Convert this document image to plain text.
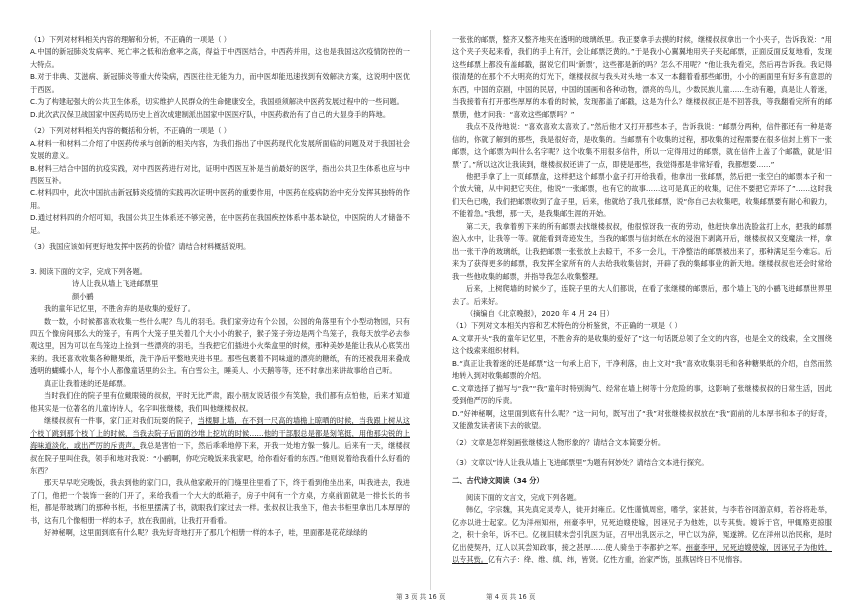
（1）下列对材料相关内容的理解和分析，不正确的一项是（ ）

A.中国的新冠肺炎发病率、死亡率之低和治愈率之高，得益于中西医结合，中西药并用，这也是我国这次疫情防控的一大特点。

B.对于非典、艾滋病、新冠肺炎等重大传染病，西医往往无能为力，而中医却能迅速找到有效解决方案，这说明中医优于西医。

C.为了构建起强大的公共卫生体系，切实维护人民群众的生命健康安全，我国亟须解决中医药发展过程中的一些问题。

D.此次武汉保卫战国家中医药局历史上首次成建制派出国家中医医疗队，中医药救治有了自己的大显身手的阵地。

（2）下列对材料相关内容的概括和分析，不正确的一项是（ ）

A.材料一和材料二介绍了中医药传承与创新的相关内容，为我们指出了中医药现代化发展所面临的问题及对于我国社会发展的意义。

B.材料三结合中国的抗疫实践，对中西医药进行对比，证明中西医互补是当前最好的医学，指出公共卫生体系也应与中西医互补。

C.材料四中，此次中国抗击新冠肺炎疫情的实践再次证明中医药的重要作用，中医药在疫病防治中充分发挥其独特的作用。

D.通过材料四的介绍可知，我国公共卫生体系还不够完善，在中医药在我国疾控体系中基本缺位，中医院的人才储备不足。

（3）我国应该如何更好地发挥中医药的价值？请结合材料概括说明。

3. 阅读下面的文字，完成下列各题。

诗人让我从墙上飞进邮票里

颜小鹂

我的童年记忆里，不胜舍弃的是收集的爱好了。

数一数，小时候都喜欢收集一些什么呢？鸟儿的羽毛。我们家旁边有个公园，公园的角落里有个小型动物园，只有四五个像房间那么大的笼子，有两个大笼子里关着几个大小小的猴子，猴子笼子旁边是两个鸟笼子，我每天放学必去参观这里，因为可以在鸟笼边上捡到一些漂亮的羽毛，当我把它们插进小火柴盒里的时候，那种美妙是能让我从心底笑出来的。我还喜欢收集各种糖果纸，洗干净后平整地夹进书里。那些包裹着不同味道的漂亮的糖纸，有的还被我用来叠成透明的蝴蝶小人，每个小人都像童话里的公主。有白雪公主，睡美人、小天鹅等等，还不时拿出来讲故事给自己听。

真正让我着迷的还是邮票。

当时我们住的院子里有位戴眼镜的叔叔，平时无比严肃，跟小朋友说话很少有笑脸，我们都有点怕他，后来才知道他其实是一位著名的儿童诗诗人，名字叫张继楼，我们叫他继楼叔叔。

继楼叔叔有一件事，家门正对我们玩耍的院子，当楼脚上墙，在不到一尺高的墙檐上晾晒的时候，当我跟上树从这个枝丫跳到那个枝丫上的时候，当我去院子后面的沙堆上挖坑的时候……他的干部服总是都是刻笔挺，用他那尖锐的上海味道淡化，或出严厉的斥责声。我总是害怕一下，然后乖乖地停下来，开我一处地方躲一躲儿。后来有一天，继楼叔叔在院子里叫住我，领手和地对我说：“小鹂啊，你吃完晚饭来我家吧，给你看好看的东西。”他则说着给我看什么好看的东西？

那天早早吃完晚饭，我去到他的家门口，我从他家敞开的门缝里往里看了下，终于看到他坐出来，叫我进去，我进了门，他把一个装饰一套的门开了，来给我看一个大大的纸箱子，房子中间有一个方桌，方桌前面就是一排长长的书柜，都是带玻璃门的那种书柜，书柜里摆满了书，就眼我们家过去一样。张叔叔让我坐下，他去书柜里拿出几本厚厚的书，这有几个像相册一样的本子，放在我面前，让我打开看看。

好神秘啊，这里面到底有什么呢？我先好奇地打开了那几个相册一样的本子，哇，里面都是花花绿绿的

一张张的邮票，整齐又整齐地夹在透明的玻璃纸里。我正要拿手去摸的时候，继楼叔叔拿出一个小夹子，告诉我说：“用这个夹子夹起来看，我们的手上有汗，会让邮票泛黄的。”于是我小心翼翼地用夹子夹起邮票，正面反面反复地看，发现这些邮票上都没有盖邮戳，据说它们叫‘新票’，这些都是新的吗？怎么不用呢？”他让我先看完，然后再告诉我。我记得很清楚的在那个不大明亮的灯光下，继楼叔叔与我头对头地一本又一本翻着看那些邮册，小小的画面里有好多有意思的东西，中国的京剧，中国的民居，中国的国画和各种动物，漂亮的鸟儿，少数民族儿童……生动有趣，真是让人着迷，当我接着有打开那些厚厚的本看的时候，发现都盖了邮戳，这是为什么？继楼叔叔正是不回答我，等我翻看完所有的邮票册，他才问我：“喜欢这些邮票吗？”

我点不及待地说：“喜欢喜欢太喜欢了。”然后他才又打开那些本子，告诉我说：“邮票分两种，信件都还有一种是寄信的，你就了解到的那些，我是很好奇，是收集的。当邮票有个收集的过程，那收集的过程需要在很多信封上剪下一张邮票，这个邮票为叫什么名字呢？这个收集不用很多信件，所以一定得用过的邮票，就在信件上盖了个邮戳，就是‘旧票’了。”所以这次让我读到，继楼叔叔还讲了一点，即使是那些，我觉得那是非常好看，我都想要……”

他把手拿了上一页邮票盒，这样把这个邮票小盒子打开给我看，他拿出一张邮票，然后把一张空白的邮票本子和一个放大镜，从中间把它夹住，他说“一张邮票，也有它的故事……这可是真正的收集，记住不要把它弄坏了”……这时我们天色已晚，我们把邮票收到了盒子里，后来，他就给了我几张邮票，说“你自己去收集吧，收集邮票要有耐心和毅力，不能着急。”我想，那一天，是我集邮生涯的开始。

第二天，我拿着剪下来的所有邮票去找继楼叔叔，他很惊讶我一夜的劳动，他赶快拿出洗脸盆打上水，把我的邮票泡入水中，让我等一等。就能看到奇迹发生，当我的邮票与信封纸在水的浸泡下剥离开后，继楼叔叔又变魔法一样，拿出一张干净的玻璃纸，让我把邮票一张张放上去晾干，不多一会儿，干净整洁的邮票被出来了，那种满足至今难忘。后来为了获得更多的邮票，我发挥全家所有的人去给我收集信封，开辟了我的集邮事业的新天地。继楼叔叔也还会时常给我一些他收集的邮票，并指导我怎么收集整理。

后来，上树爬墙的时候少了，连院子里的大人们都说，在看了张继楼的邮票后，那个墙上飞的小鹂飞进邮票世界里去了。后来好。

（摘编自《北京晚报》，2020 年 4 月 24 日）

（1）下列对文本相关内容和艺术特色的分析鉴赏，不正确的一项是（ ）

A.文章开头“我的童年记忆里，不胜舍弃的是收集的爱好了”这一句话既总领了全文的内容，也是全文的线索，全文围绕这个线索来组织材料。

B.“真正让我着迷的还是邮票”这一句承上启下，干净利落，由上文对“我”喜欢收集羽毛和各种糖果纸的介绍，自然而然地转入到对收集邮票的介绍。

C.文章选择了描写与“我”“我”童年时特别淘气、经常在墙上树等十分危险的事，这影响了张继楼叔叔的日常生活，因此受到他严厉的斥责。

D.“好神秘啊，这里面到底有什么呢？”这一问句，既写出了“我”对张继楼叔叔放在“我”面前的儿本厚书和本子的好奇，又能激发读者读下去的欲望。

（2）文章是怎样刻画张继楼这人物形象的？请结合文本简要分析。

（3）文章以“诗人让我从墙上飞进邮票里”为题有何妙处？请结合文本进行探究。

二、古代诗文阅读（34 分）

阅读下面的文言文，完成下列各题。

韩亿，字宗魏，其先真定灵寿人，徙开封雍丘。亿性谨慎周密，嗜学，家甚贫，与李若谷同游京师，若谷将赴举，亿亦以进士起家。亿为洋州知州，州豪李甲，兄死迫嫂使嫁，因诬兄子为他姓，以专其赀。嫂诉于官，甲辄赂吏掠服之，积十余年，诉不已。亿视旧牍未尝引乳医为证，召甲出乳医示之，甲亡以为辞，冤遂辨。亿在洋州以治民称，是时亿出使契丹，辽人以其尝知政事，接之甚厚……使人骑坐于李都护之军。州豪李甲，兄死迫嫂使嫁，因诬兄子为他姓，以专其赀。亿有六子：绛、维、缜、纬，皆贤。亿性方重，治家严饬，虽燕居终日不见惰容。

第 3 页 共 16 页	第 4 页 共 16 页
